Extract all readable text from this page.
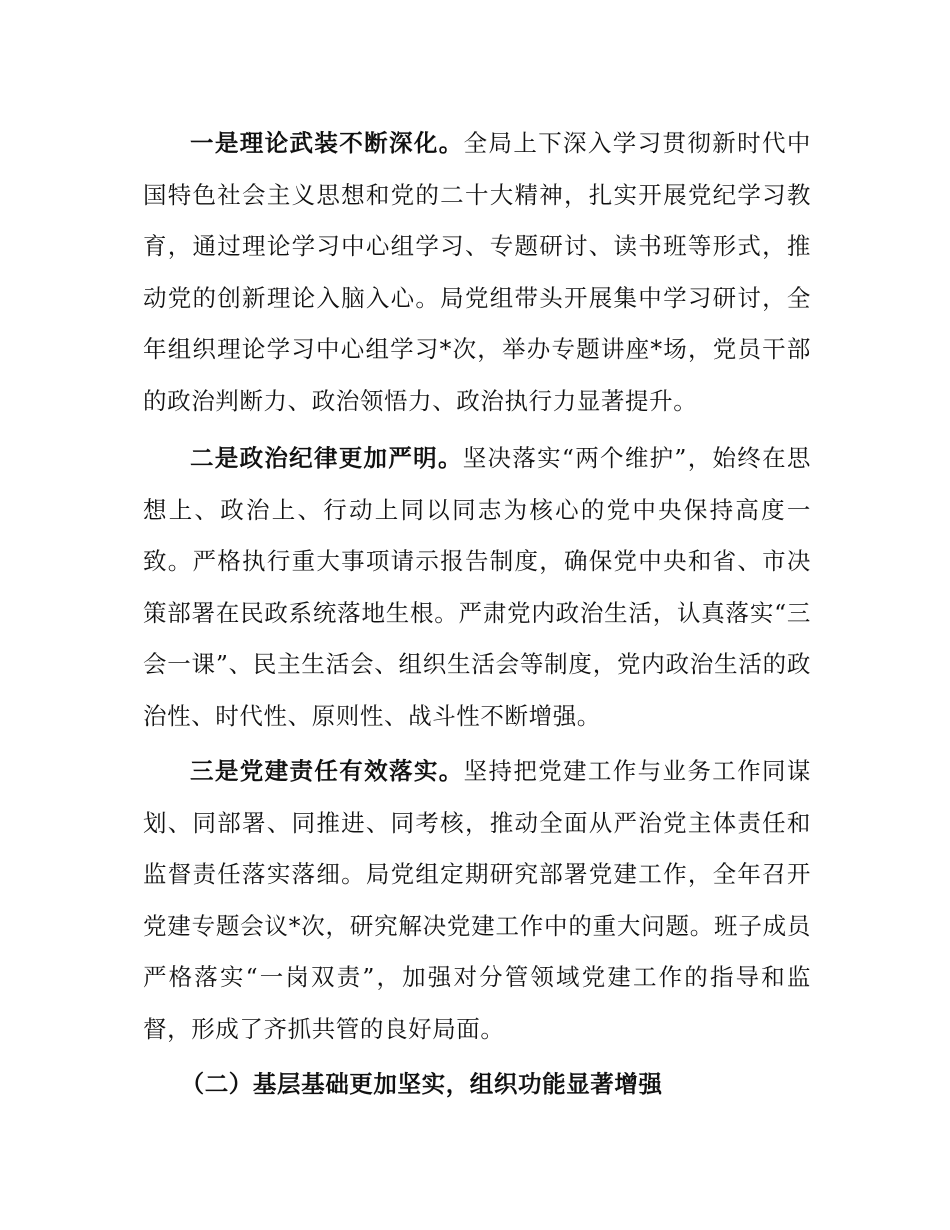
一是理论武装不断深化。全局上下深入学习贯彻新时代中国特色社会主义思想和党的二十大精神，扎实开展党纪学习教育，通过理论学习中心组学习、专题研讨、读书班等形式，推动党的创新理论入脑入心。局党组带头开展集中学习研讨，全年组织理论学习中心组学习*次，举办专题讲座*场，党员干部的政治判断力、政治领悟力、政治执行力显著提升。

二是政治纪律更加严明。坚决落实“两个维护”，始终在思想上、政治上、行动上同以同志为核心的党中央保持高度一致。严格执行重大事项请示报告制度，确保党中央和省、市决策部署在民政系统落地生根。严肃党内政治生活，认真落实“三会一课”、民主生活会、组织生活会等制度，党内政治生活的政治性、时代性、原则性、战斗性不断增强。

三是党建责任有效落实。坚持把党建工作与业务工作同谋划、同部署、同推进、同考核，推动全面从严治党主体责任和监督责任落实落细。局党组定期研究部署党建工作，全年召开党建专题会议*次，研究解决党建工作中的重大问题。班子成员严格落实“一岗双责”，加强对分管领域党建工作的指导和监督，形成了齐抓共管的良好局面。

（二）基层基础更加坚实，组织功能显著增强
